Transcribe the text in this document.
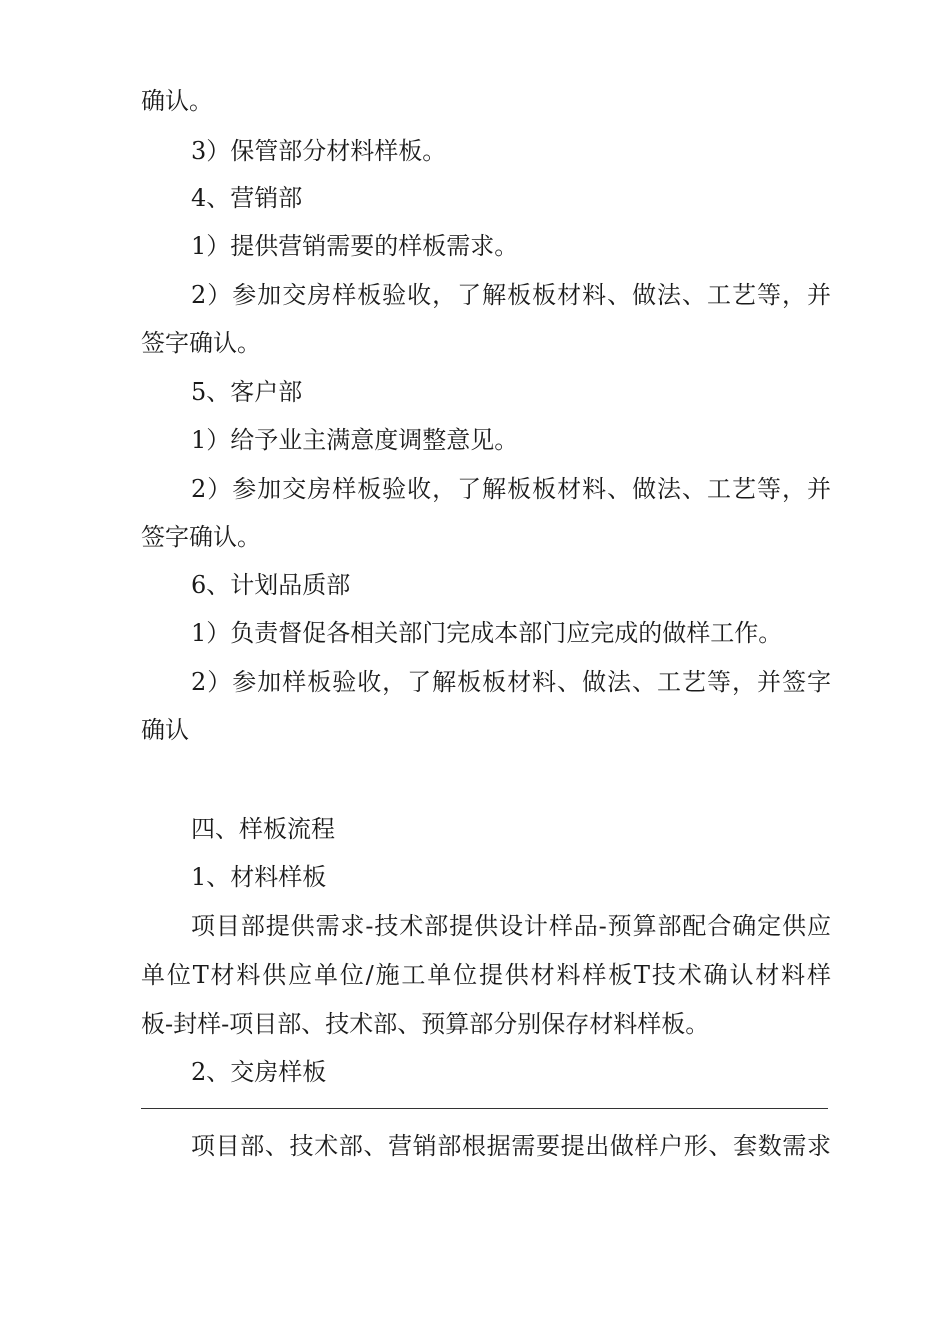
确认。
3）保管部分材料样板。
4、营销部
1）提供营销需要的样板需求。
2）参加交房样板验收，了解板板材料、做法、工艺等，并
签字确认。
5、客户部
1）给予业主满意度调整意见。
2）参加交房样板验收，了解板板材料、做法、工艺等，并
签字确认。
6、计划品质部
1）负责督促各相关部门完成本部门应完成的做样工作。
2）参加样板验收，了解板板材料、做法、工艺等，并签字
确认
四、样板流程
1、材料样板
项目部提供需求-技术部提供设计样品-预算部配合确定供应
单位T材料供应单位/施工单位提供材料样板T技术确认材料样
板-封样-项目部、技术部、预算部分别保存材料样板。
2、交房样板
项目部、技术部、营销部根据需要提出做样户形、套数需求
